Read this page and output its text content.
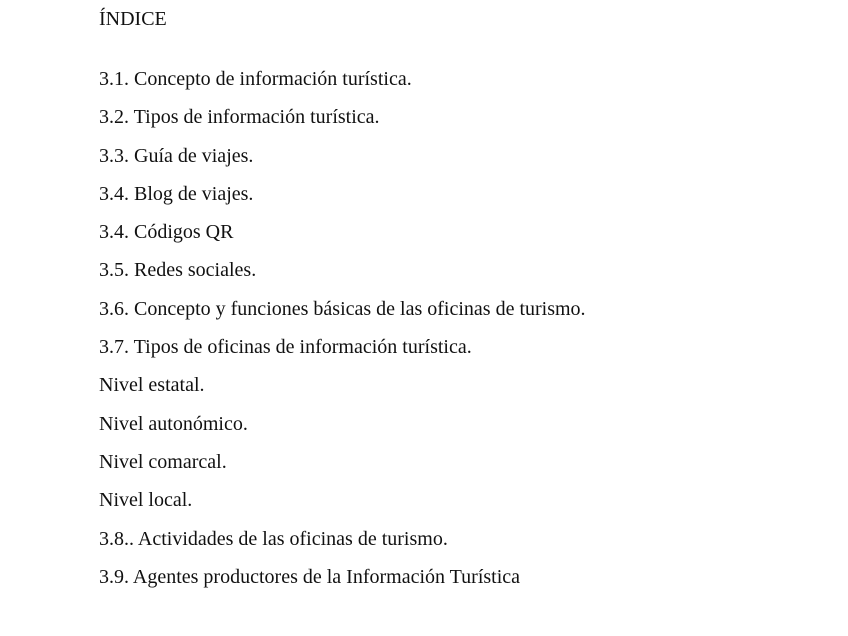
ÍNDICE
3.1. Concepto de información turística.
3.2. Tipos de información turística.
3.3. Guía de viajes.
3.4. Blog de viajes.
3.4. Códigos QR
3.5. Redes sociales.
3.6. Concepto y funciones básicas de las oficinas de turismo.
3.7. Tipos de oficinas de información turística.
Nivel estatal.
Nivel autonómico.
Nivel comarcal.
Nivel local.
3.8.. Actividades de las oficinas de turismo.
3.9. Agentes productores de la Información Turística
